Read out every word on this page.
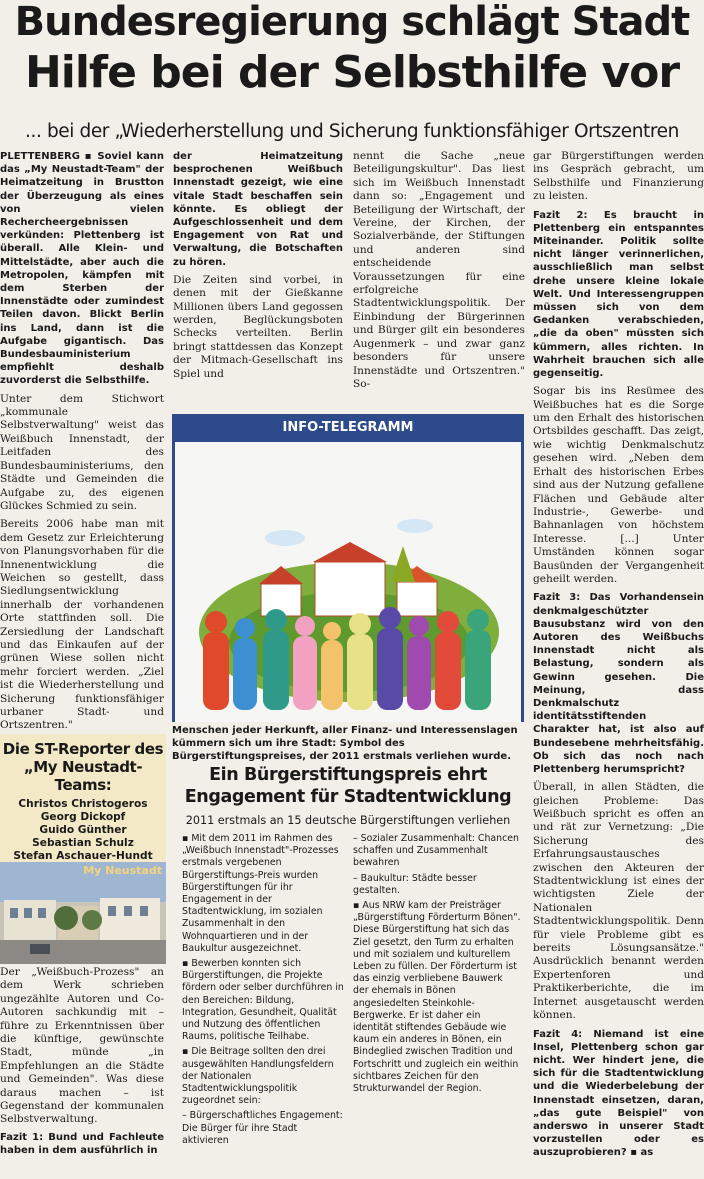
Bundesregierung schlägt Stadt
Hilfe bei der Selbsthilfe vor
... bei der „Wiederherstellung und Sicherung funktionsfähiger Ortszentren

PLETTENBERG ▪ Soviel kann das „My Neustadt-Team" der Heimatzeitung in Brustton der Überzeugung als eines von vielen Rechercheergebnissen verkünden: Plettenberg ist überall. Alle Klein- und Mittelstädte, aber auch die Metropolen, kämpfen mit dem Sterben der Innenstädte oder zumindest Teilen davon. Blickt Berlin ins Land, dann ist die Aufgabe gigantisch. Das Bundesbauministerium empfiehlt deshalb zuvorderst die Selbsthilfe.

Unter dem Stichwort „kommunale Selbstverwaltung" weist das Weißbuch Innenstadt, der Leitfaden des Bundesbauministeriums, den Städte und Gemeinden die Aufgabe zu, des eigenen Glückes Schmied zu sein.

Bereits 2006 habe man mit dem Gesetz zur Erleichterung von Planungsvorhaben für die Innenentwicklung die Weichen so gestellt, dass Siedlungsentwicklung innerhalb der vorhandenen Orte stattfinden soll. Die Zersiedlung der Landschaft und das Einkaufen auf der grünen Wiese sollen nicht mehr forciert werden. „Ziel ist die Wiederherstellung und Sicherung funktionsfähiger urbaner Stadt- und Ortszentren."

Die ST-Reporter des
„My Neustadt-Teams:
Christos Christogeros
Georg Dickopf
Guido Günther
Sebastian Schulz
Stefan Aschauer-Hundt
My Neustadt

Der „Weißbuch-Prozess" an dem Werk schrieben ungezählte Autoren und Co-Autoren sachkundig mit – führe zu Erkenntnissen über die künftige, gewünschte Stadt, münde „in Empfehlungen an die Städte und Gemeinden". Was diese daraus machen – ist Gegenstand der kommunalen Selbstverwaltung.

Fazit 1: Bund und Fachleute haben in dem ausführlich in

der Heimatzeitung besprochenen Weißbuch Innenstadt gezeigt, wie eine vitale Stadt beschaffen sein könnte. Es obliegt der Aufgeschlossenheit und dem Engagement von Rat und Verwaltung, die Botschaften zu hören.

Die Zeiten sind vorbei, in denen mit der Gießkanne Millionen übers Land gegossen werden, Beglückungsboten Schecks verteilten. Berlin bringt stattdessen das Konzept der Mitmach-Gesellschaft ins Spiel und

nennt die Sache „neue Beteiligungskultur". Das liest sich im Weißbuch Innenstadt dann so: „Engagement und Beteiligung der Wirtschaft, der Vereine, der Kirchen, der Sozialverbände, der Stiftungen und anderen sind entscheidende Voraussetzungen für eine erfolgreiche Stadtentwicklungspolitik. Der Einbindung der Bürgerinnen und Bürger gilt ein besonderes Augenmerk – und zwar ganz besonders für unsere Innenstädte und Ortszentren." So-

INFO-TELEGRAMM
Menschen jeder Herkunft, aller Finanz- und Interessenslagen kümmern sich um ihre Stadt: Symbol des Bürgerstiftungspreises, der 2011 erstmals verliehen wurde.
Ein Bürgerstiftungspreis ehrt
Engagement für Stadtentwicklung
2011 erstmals an 15 deutsche Bürgerstiftungen verliehen

▪ Mit dem 2011 im Rahmen des „Weißbuch Innenstadt"-Prozesses erstmals vergebenen Bürgerstiftungs-Preis wurden Bürgerstiftungen für ihr Engagement in der Stadtentwicklung, im sozialen Zusammenhalt in den Wohnquartieren und in der Baukultur ausgezeichnet.

▪ Bewerben konnten sich Bürgerstiftungen, die Projekte fördern oder selber durchführen in den Bereichen: Bildung, Integration, Gesundheit, Qualität und Nutzung des öffentlichen Raums, politische Teilhabe.

▪ Die Beitrage sollten den drei ausgewählten Handlungsfeldern der Nationalen Stadtentwicklungspolitik zugeordnet sein:

– Bürgerschaftliches Engagement: Die Bürger für ihre Stadt aktivieren

– Sozialer Zusammenhalt: Chancen schaffen und Zusammenhalt bewahren

– Baukultur: Städte besser gestalten.

▪ Aus NRW kam der Preisträger „Bürgerstiftung Förderturm Bönen". Diese Bürgerstiftung hat sich das Ziel gesetzt, den Turm zu erhalten und mit sozialem und kulturellem Leben zu füllen. Der Förderturm ist das einzig verbliebene Bauwerk der ehemals in Bönen angesiedelten Steinkohle-Bergwerke. Er ist daher ein identität stiftendes Gebäude wie kaum ein anderes in Bönen, ein Bindeglied zwischen Tradition und Fortschritt und zugleich ein weithin sichtbares Zeichen für den Strukturwandel der Region.

gar Bürgerstiftungen werden ins Gespräch gebracht, um Selbsthilfe und Finanzierung zu leisten.

Fazit 2: Es braucht in Plettenberg ein entspanntes Miteinander. Politik sollte nicht länger verinnerlichen, ausschließlich man selbst drehe unsere kleine lokale Welt. Und Interessengruppen müssen sich von dem Gedanken verabschieden, „die da oben" müssten sich kümmern, alles richten. In Wahrheit brauchen sich alle gegenseitig.

Sogar bis ins Resümee des Weißbuches hat es die Sorge um den Erhalt des historischen Ortsbildes geschafft. Das zeigt, wie wichtig Denkmalschutz gesehen wird. „Neben dem Erhalt des historischen Erbes sind aus der Nutzung gefallene Flächen und Gebäude alter Industrie-, Gewerbe- und Bahnanlagen von höchstem Interesse. [...] Unter Umständen können sogar Bausünden der Vergangenheit geheilt werden.

Fazit 3: Das Vorhandensein denkmalgeschützter Bausubstanz wird von den Autoren des Weißbuchs Innenstadt nicht als Belastung, sondern als Gewinn gesehen. Die Meinung, dass Denkmalschutz identitätsstiftenden Charakter hat, ist also auf Bundesebene mehrheitsfähig. Ob sich das noch nach Plettenberg herumspricht?

Überall, in allen Städten, die gleichen Probleme: Das Weißbuch spricht es offen an und rät zur Vernetzung: „Die Sicherung des Erfahrungsaustausches zwischen den Akteuren der Stadtentwicklung ist eines der wichtigsten Ziele der Nationalen Stadtentwicklungspolitik. Denn für viele Probleme gibt es bereits Lösungsansätze." Ausdrücklich benannt werden Expertenforen und Praktikerberichte, die im Internet ausgetauscht werden können.

Fazit 4: Niemand ist eine Insel, Plettenberg schon gar nicht. Wer hindert jene, die sich für die Stadtentwicklung und die Wiederbelebung der Innenstadt einsetzen, daran, „das gute Beispiel" von anderswo in unserer Stadt vorzustellen oder es auszuprobieren? ▪ as
